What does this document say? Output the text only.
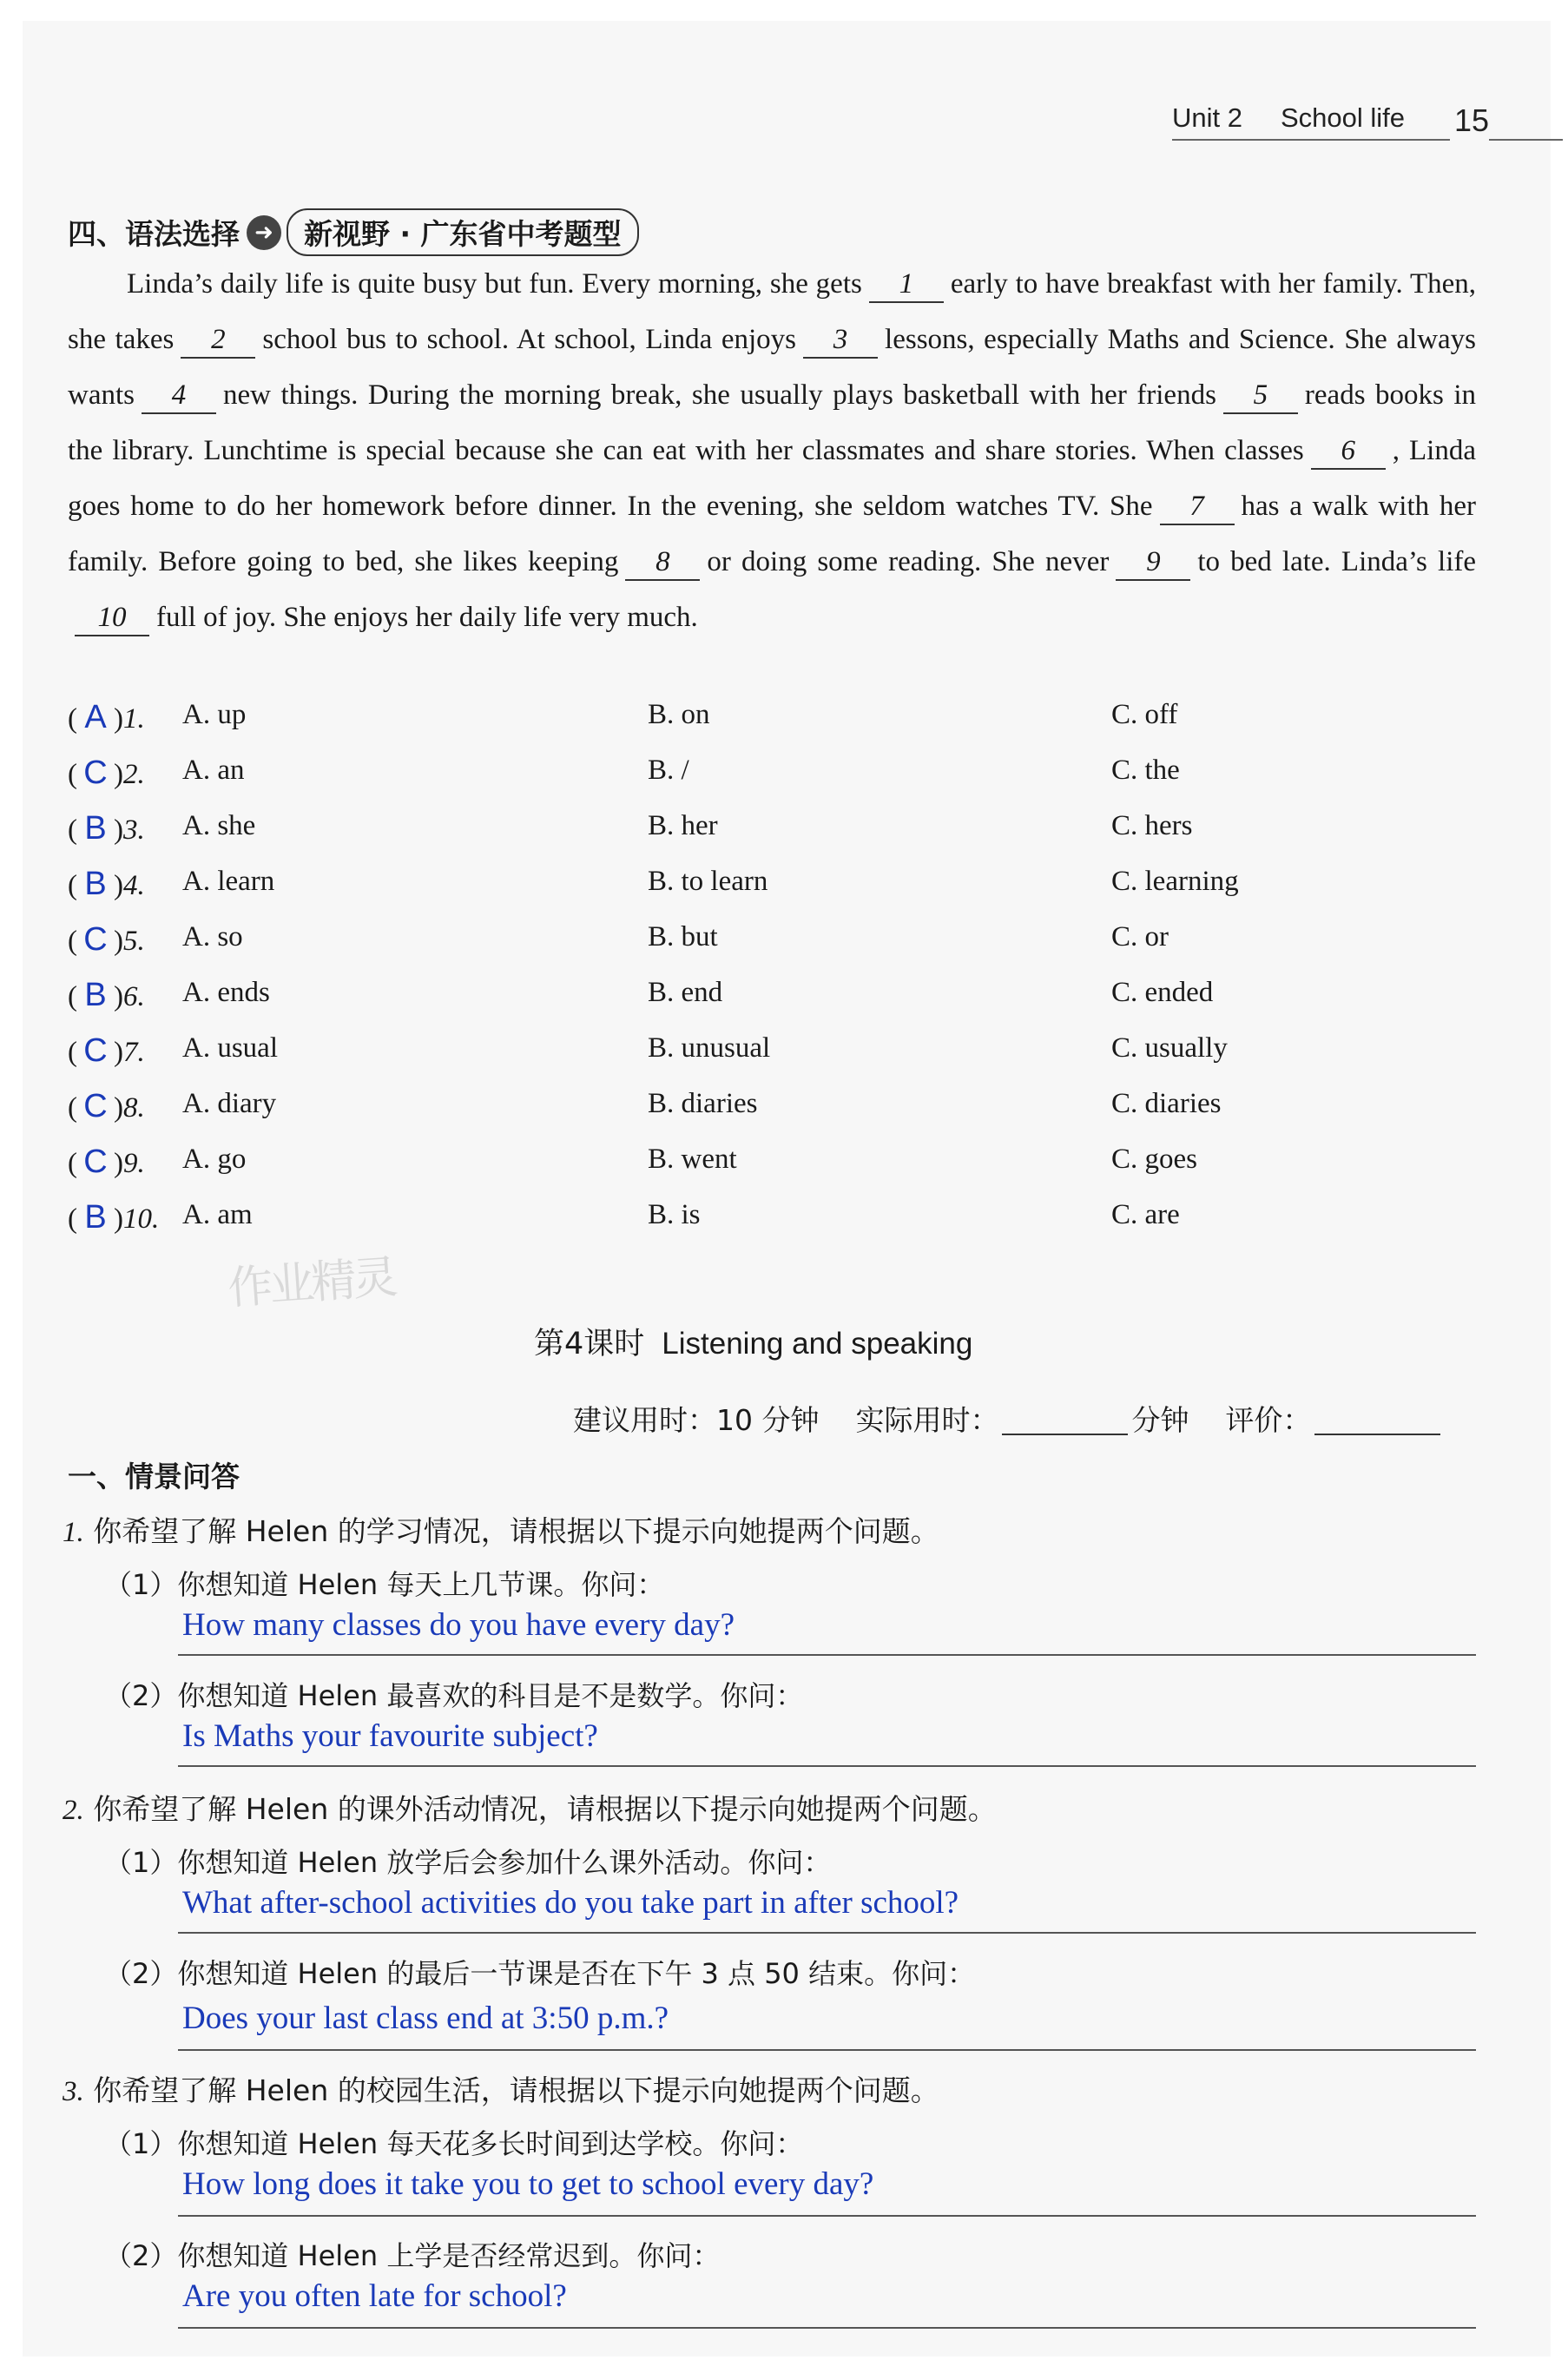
Unit 2 School life 15
四、语法选择 ➜	新视野 · 广东省中考题型
Linda’s daily life is quite busy but fun. Every morning, she gets 1 early to have breakfast with her family. Then, she takes 2 school bus to school. At school, Linda enjoys 3 lessons, especially Maths and Science. She always wants 4 new things. During the morning break, she usually plays basketball with her friends 5 reads books in the library. Lunchtime is special because she can eat with her classmates and share stories. When classes 6 , Linda goes home to do her homework before dinner. In the evening, she seldom watches TV. She 7 has a walk with her family. Before going to bed, she likes keeping 8 or doing some reading. She never 9 to bed late. Linda’s life10 full of joy. She enjoys her daily life very much.
( A )1. A. up	B. on	C. off
( C )2. A. an	B. /	C. the
( B )3. A. she	B. her	C. hers
( B )4. A. learn	B. to learn	C. learning
( C )5. A. so	B. but	C. or
( B )6. A. ends	B. end	C. ended
( C )7. A. usual	B. unusual	C. usually
( C )8. A. diary	B. diaries	C. diaries
( C )9. A. go	B. went	C. goes
( B )10. A. am	B. is	C. are
作业精灵
第4课时 Listening and speaking
建议用时：10 分钟 实际用时：	分钟 评价：
一、情景问答
1. 你希望了解 Helen 的学习情况，请根据以下提示向她提两个问题。
（1）你想知道 Helen 每天上几节课。你问：
How many classes do you have every day?
（2）你想知道 Helen 最喜欢的科目是不是数学。你问：
Is Maths your favourite subject?
2. 你希望了解 Helen 的课外活动情况，请根据以下提示向她提两个问题。
（1）你想知道 Helen 放学后会参加什么课外活动。你问：
What after-school activities do you take part in after school?
（2）你想知道 Helen 的最后一节课是否在下午 3 点 50 结束。你问：
Does your last class end at 3:50 p.m.?
3. 你希望了解 Helen 的校园生活，请根据以下提示向她提两个问题。
（1）你想知道 Helen 每天花多长时间到达学校。你问：
How long does it take you to get to school every day?
（2）你想知道 Helen 上学是否经常迟到。你问：
Are you often late for school?
